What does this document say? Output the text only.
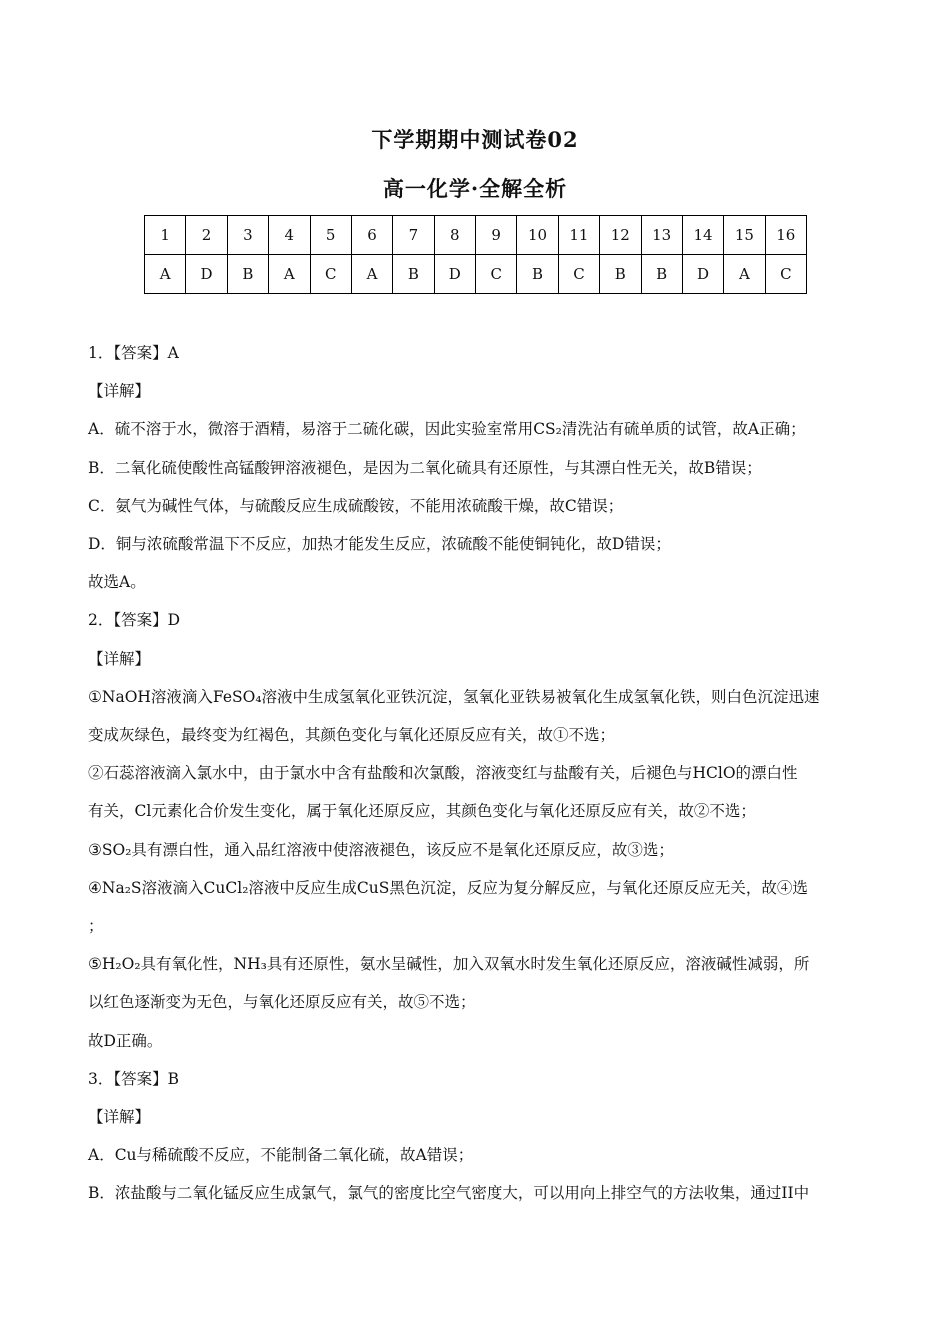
下学期期中测试卷02
高一化学·全解全析
1	2	3	4	5	6	7	8	9	10	11	12	13	14	15	16
A	D	B	A	C	A	B	D	C	B	C	B	B	D	A	C

1．【答案】A

【详解】

A．硫不溶于水，微溶于酒精，易溶于二硫化碳，因此实验室常用CS₂清洗沾有硫单质的试管，故A正确；

B．二氧化硫使酸性高锰酸钾溶液褪色，是因为二氧化硫具有还原性，与其漂白性无关，故B错误；

C．氨气为碱性气体，与硫酸反应生成硫酸铵，不能用浓硫酸干燥，故C错误；

D．铜与浓硫酸常温下不反应，加热才能发生反应，浓硫酸不能使铜钝化，故D错误；

故选A。

2．【答案】D

【详解】

①NaOH溶液滴入FeSO₄溶液中生成氢氧化亚铁沉淀，氢氧化亚铁易被氧化生成氢氧化铁，则白色沉淀迅速

变成灰绿色，最终变为红褐色，其颜色变化与氧化还原反应有关，故①不选；

②石蕊溶液滴入氯水中，由于氯水中含有盐酸和次氯酸，溶液变红与盐酸有关，后褪色与HClO的漂白性

有关，Cl元素化合价发生变化，属于氧化还原反应，其颜色变化与氧化还原反应有关，故②不选；

③SO₂具有漂白性，通入品红溶液中使溶液褪色，该反应不是氧化还原反应，故③选；

④Na₂S溶液滴入CuCl₂溶液中反应生成CuS黑色沉淀，反应为复分解反应，与氧化还原反应无关，故④选

；

⑤H₂O₂具有氧化性，NH₃具有还原性，氨水呈碱性，加入双氧水时发生氧化还原反应，溶液碱性减弱，所

以红色逐渐变为无色，与氧化还原反应有关，故⑤不选；

故D正确。

3．【答案】B

【详解】

A．Cu与稀硫酸不反应，不能制备二氧化硫，故A错误；

B．浓盐酸与二氧化锰反应生成氯气，氯气的密度比空气密度大，可以用向上排空气的方法收集，通过II中
